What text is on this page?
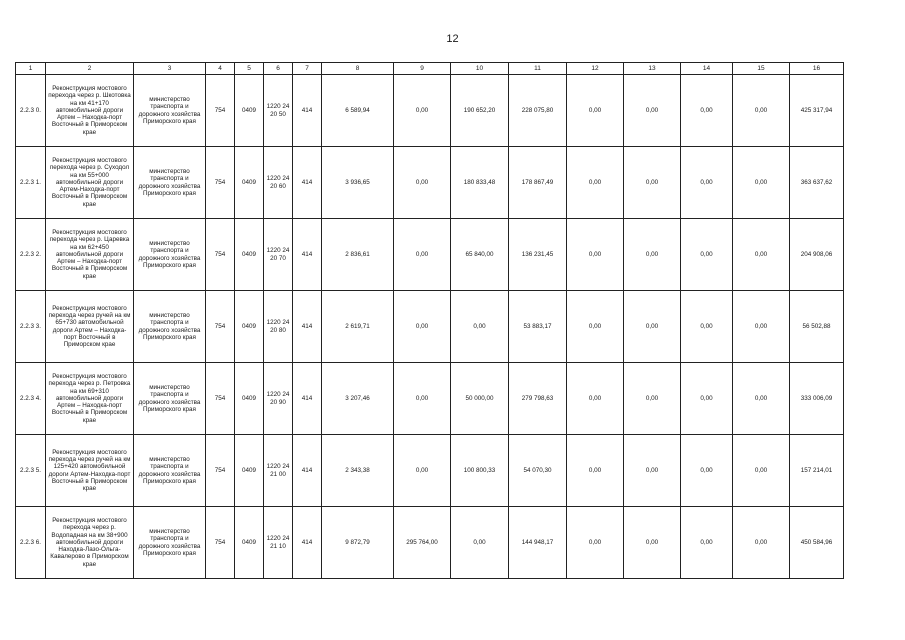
12
1	2	3	4	5	6	7	8	9	10	11	12	13	14	15	16
2.2.3 0.	Реконструкция мостового перехода через р. Шкотовка на км 41+170 автомобильной дороги Артем – Находка-порт Восточный в Приморском крае	министерство транспорта и дорожного хозяйства Приморского края	754	0409	1220 2420 50	414	6 589,94	0,00	190 652,20	228 075,80	0,00	0,00	0,00	0,00	425 317,94
2.2.3 1.	Реконструкция мостового перехода через р. Суходол на км 55+000 автомобильной дороги Артем-Находка-порт Восточный в Приморском крае	министерство транспорта и дорожного хозяйства Приморского края	754	0409	1220 2420 60	414	3 936,65	0,00	180 833,48	178 867,49	0,00	0,00	0,00	0,00	363 637,62
2.2.3 2.	Реконструкция мостового перехода через р. Царевка на км 62+450 автомобильной дороги Артем – Находка-порт Восточный в Приморском крае	министерство транспорта и дорожного хозяйства Приморского края	754	0409	1220 2420 70	414	2 836,61	0,00	65 840,00	136 231,45	0,00	0,00	0,00	0,00	204 908,06
2.2.3 3.	Реконструкция мостового перехода через ручей на км 65+730 автомобильной дороги Артем – Находка-порт Восточный в Приморском крае	министерство транспорта и дорожного хозяйства Приморского края	754	0409	1220 2420 80	414	2 619,71	0,00	0,00	53 883,17	0,00	0,00	0,00	0,00	56 502,88
2.2.3 4.	Реконструкция мостового перехода через р. Петровка на км 69+310 автомобильной дороги Артем – Находка-порт Восточный в Приморском крае	министерство транспорта и дорожного хозяйства Приморского края	754	0409	1220 2420 90	414	3 207,46	0,00	50 000,00	279 798,63	0,00	0,00	0,00	0,00	333 006,09
2.2.3 5.	Реконструкция мостового перехода через ручей на км 125+420 автомобильной дороги Артем-Находка-порт Восточный в Приморском крае	министерство транспорта и дорожного хозяйства Приморского края	754	0409	1220 2421 00	414	2 343,38	0,00	100 800,33	54 070,30	0,00	0,00	0,00	0,00	157 214,01
2.2.3 6.	Реконструкция мостового перехода через р. Водопадная на км 38+900 автомобильной дороги Находка-Лазо-Ольга-Кавалерово в Приморском крае	министерство транспорта и дорожного хозяйства Приморского края	754	0409	1220 2421 10	414	9 872,79	295 764,00	0,00	144 948,17	0,00	0,00	0,00	0,00	450 584,96
